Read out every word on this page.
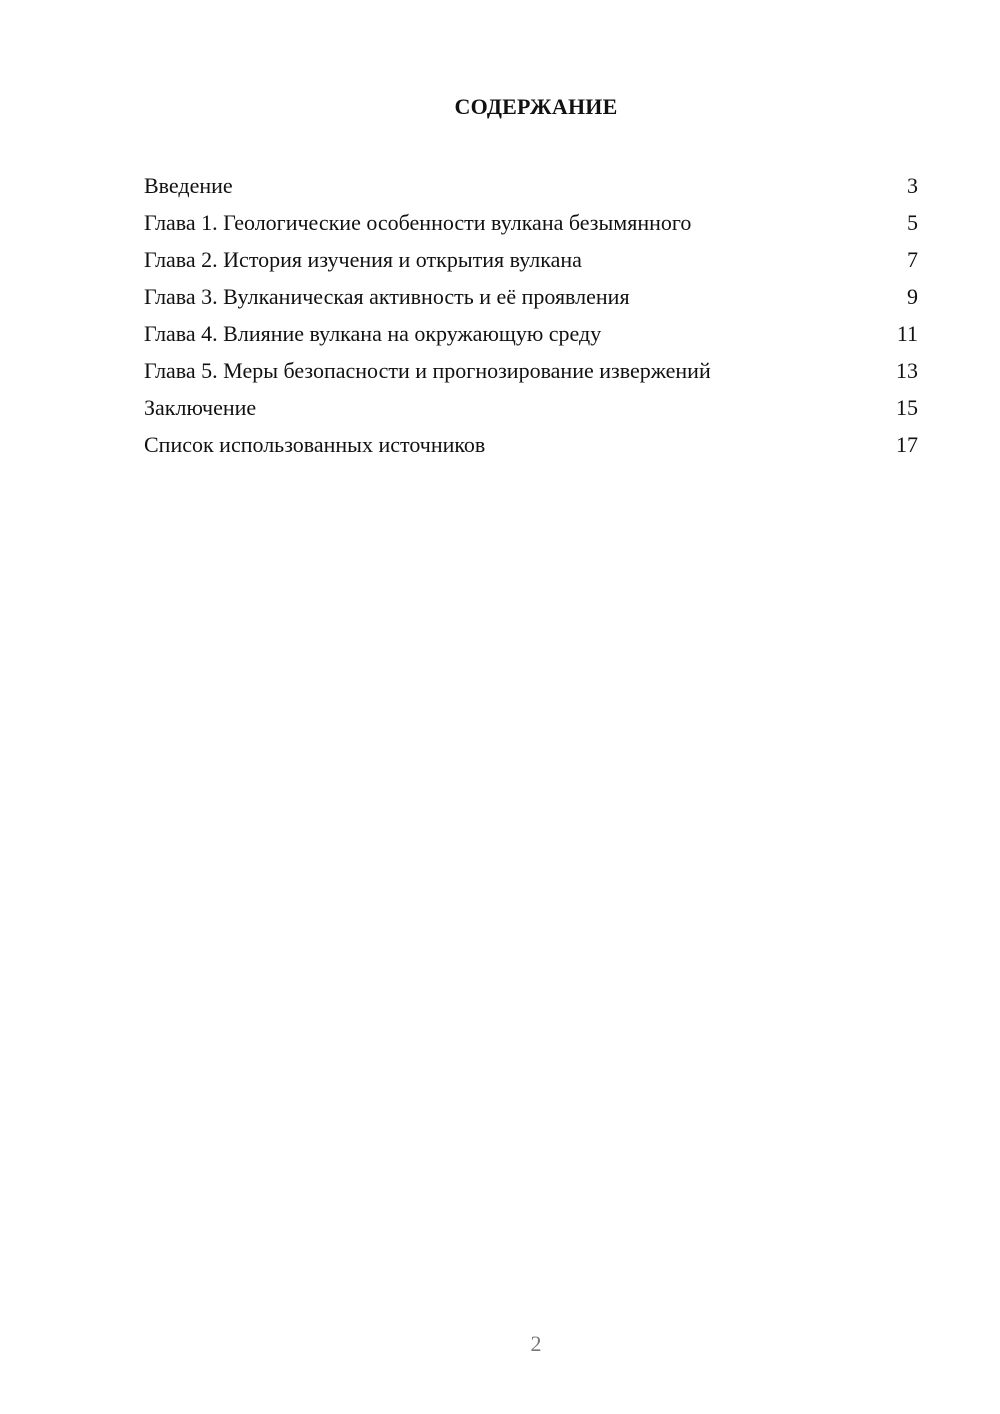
СОДЕРЖАНИЕ
Введение	3
Глава 1. Геологические особенности вулкана безымянного	5
Глава 2. История изучения и открытия вулкана	7
Глава 3. Вулканическая активность и её проявления	9
Глава 4. Влияние вулкана на окружающую среду	11
Глава 5. Меры безопасности и прогнозирование извержений	13
Заключение	15
Список использованных источников	17
2
